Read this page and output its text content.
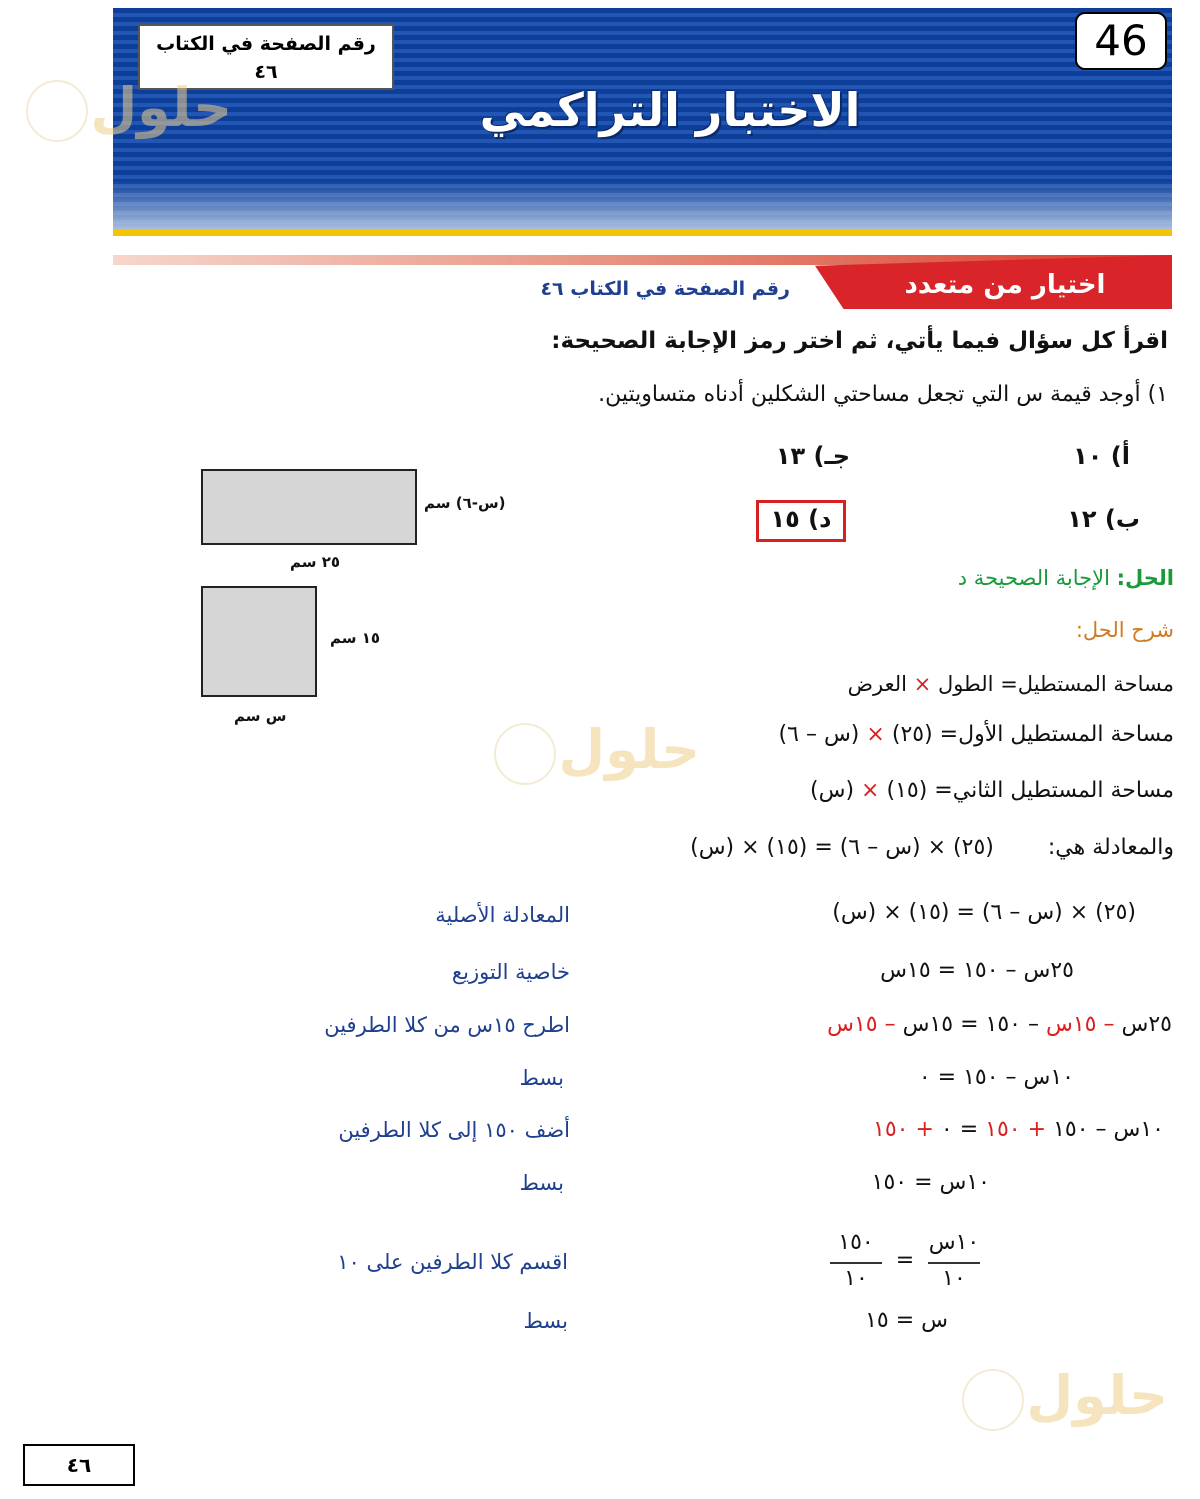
الاختبار التراكمي
46
رقم الصفحة في الكتاب
٤٦
حلول
اختيار من متعدد
رقم الصفحة في الكتاب ٤٦
اقرأ كل سؤال فيما يأتي، ثم اختر رمز الإجابة الصحيحة:
١) أوجد قيمة س التي تجعل مساحتي الشكلين أدناه متساويتين.
أ) ١٠
جـ) ١٣
ب) ١٢
د) ١٥
(س-٦) سم
٢٥ سم
١٥ سم
س سم
الحل: الإجابة الصحيحة د
شرح الحل:
مساحة المستطيل= الطول × العرض
مساحة المستطيل الأول= (٢٥) × (س – ٦)
مساحة المستطيل الثاني= (١٥) × (س)
والمعادلة هي:  (٢٥) × (س – ٦) = (١٥) × (س)
حلول
(٢٥) × (س – ٦) = (١٥) × (س)
المعادلة الأصلية
٢٥س – ١٥٠ = ١٥س
خاصية التوزيع
٢٥س – ١٥س – ١٥٠ = ١٥س – ١٥س
اطرح ١٥س من كلا الطرفين
١٠س – ١٥٠ = ٠
بسط
١٠س – ١٥٠ + ١٥٠ = ٠ + ١٥٠
أضف ١٥٠ إلى كلا الطرفين
١٠س = ١٥٠
بسط
١٠س
١٠
=
١٥٠
١٠
اقسم كلا الطرفين على ١٠
س = ١٥
بسط
حلول
٤٦
